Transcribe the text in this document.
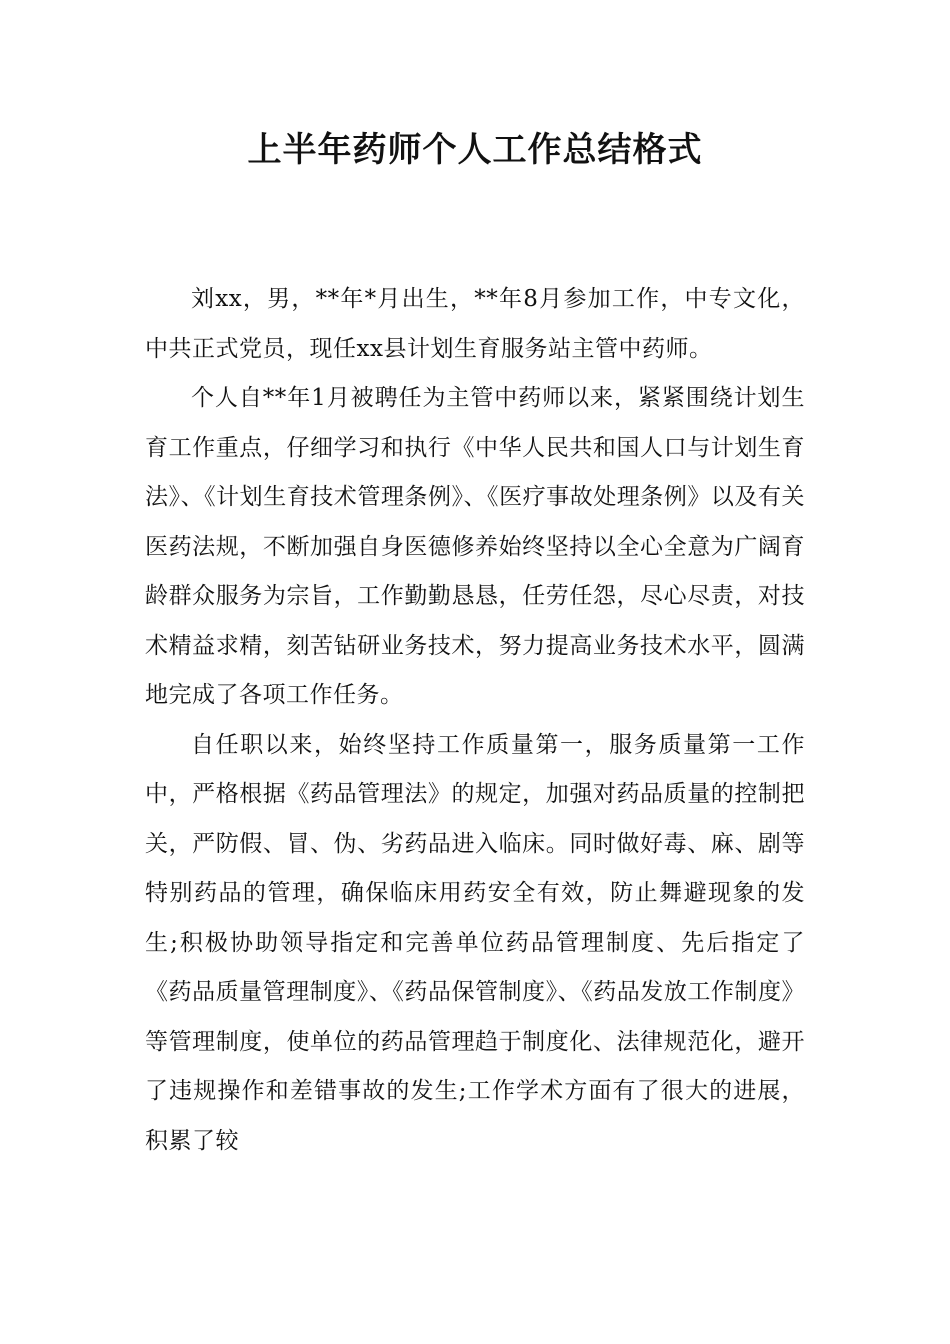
上半年药师个人工作总结格式

刘xx，男，**年*月出生，**年8月参加工作，中专文化，中共正式党员，现任xx县计划生育服务站主管中药师。

个人自**年1月被聘任为主管中药师以来，紧紧围绕计划生育工作重点，仔细学习和执行《中华人民共和国人口与计划生育法》、《计划生育技术管理条例》、《医疗事故处理条例》以及有关医药法规，不断加强自身医德修养始终坚持以全心全意为广阔育龄群众服务为宗旨，工作勤勤恳恳，任劳任怨，尽心尽责，对技术精益求精，刻苦钻研业务技术，努力提高业务技术水平，圆满地完成了各项工作任务。

自任职以来，始终坚持工作质量第一，服务质量第一工作中，严格根据《药品管理法》的规定，加强对药品质量的控制把关，严防假、冒、伪、劣药品进入临床。同时做好毒、麻、剧等特别药品的管理，确保临床用药安全有效，防止舞避现象的发生;积极协助领导指定和完善单位药品管理制度、先后指定了《药品质量管理制度》、《药品保管制度》、《药品发放工作制度》等管理制度，使单位的药品管理趋于制度化、法律规范化，避开了违规操作和差错事故的发生;工作学术方面有了很大的进展，积累了较
